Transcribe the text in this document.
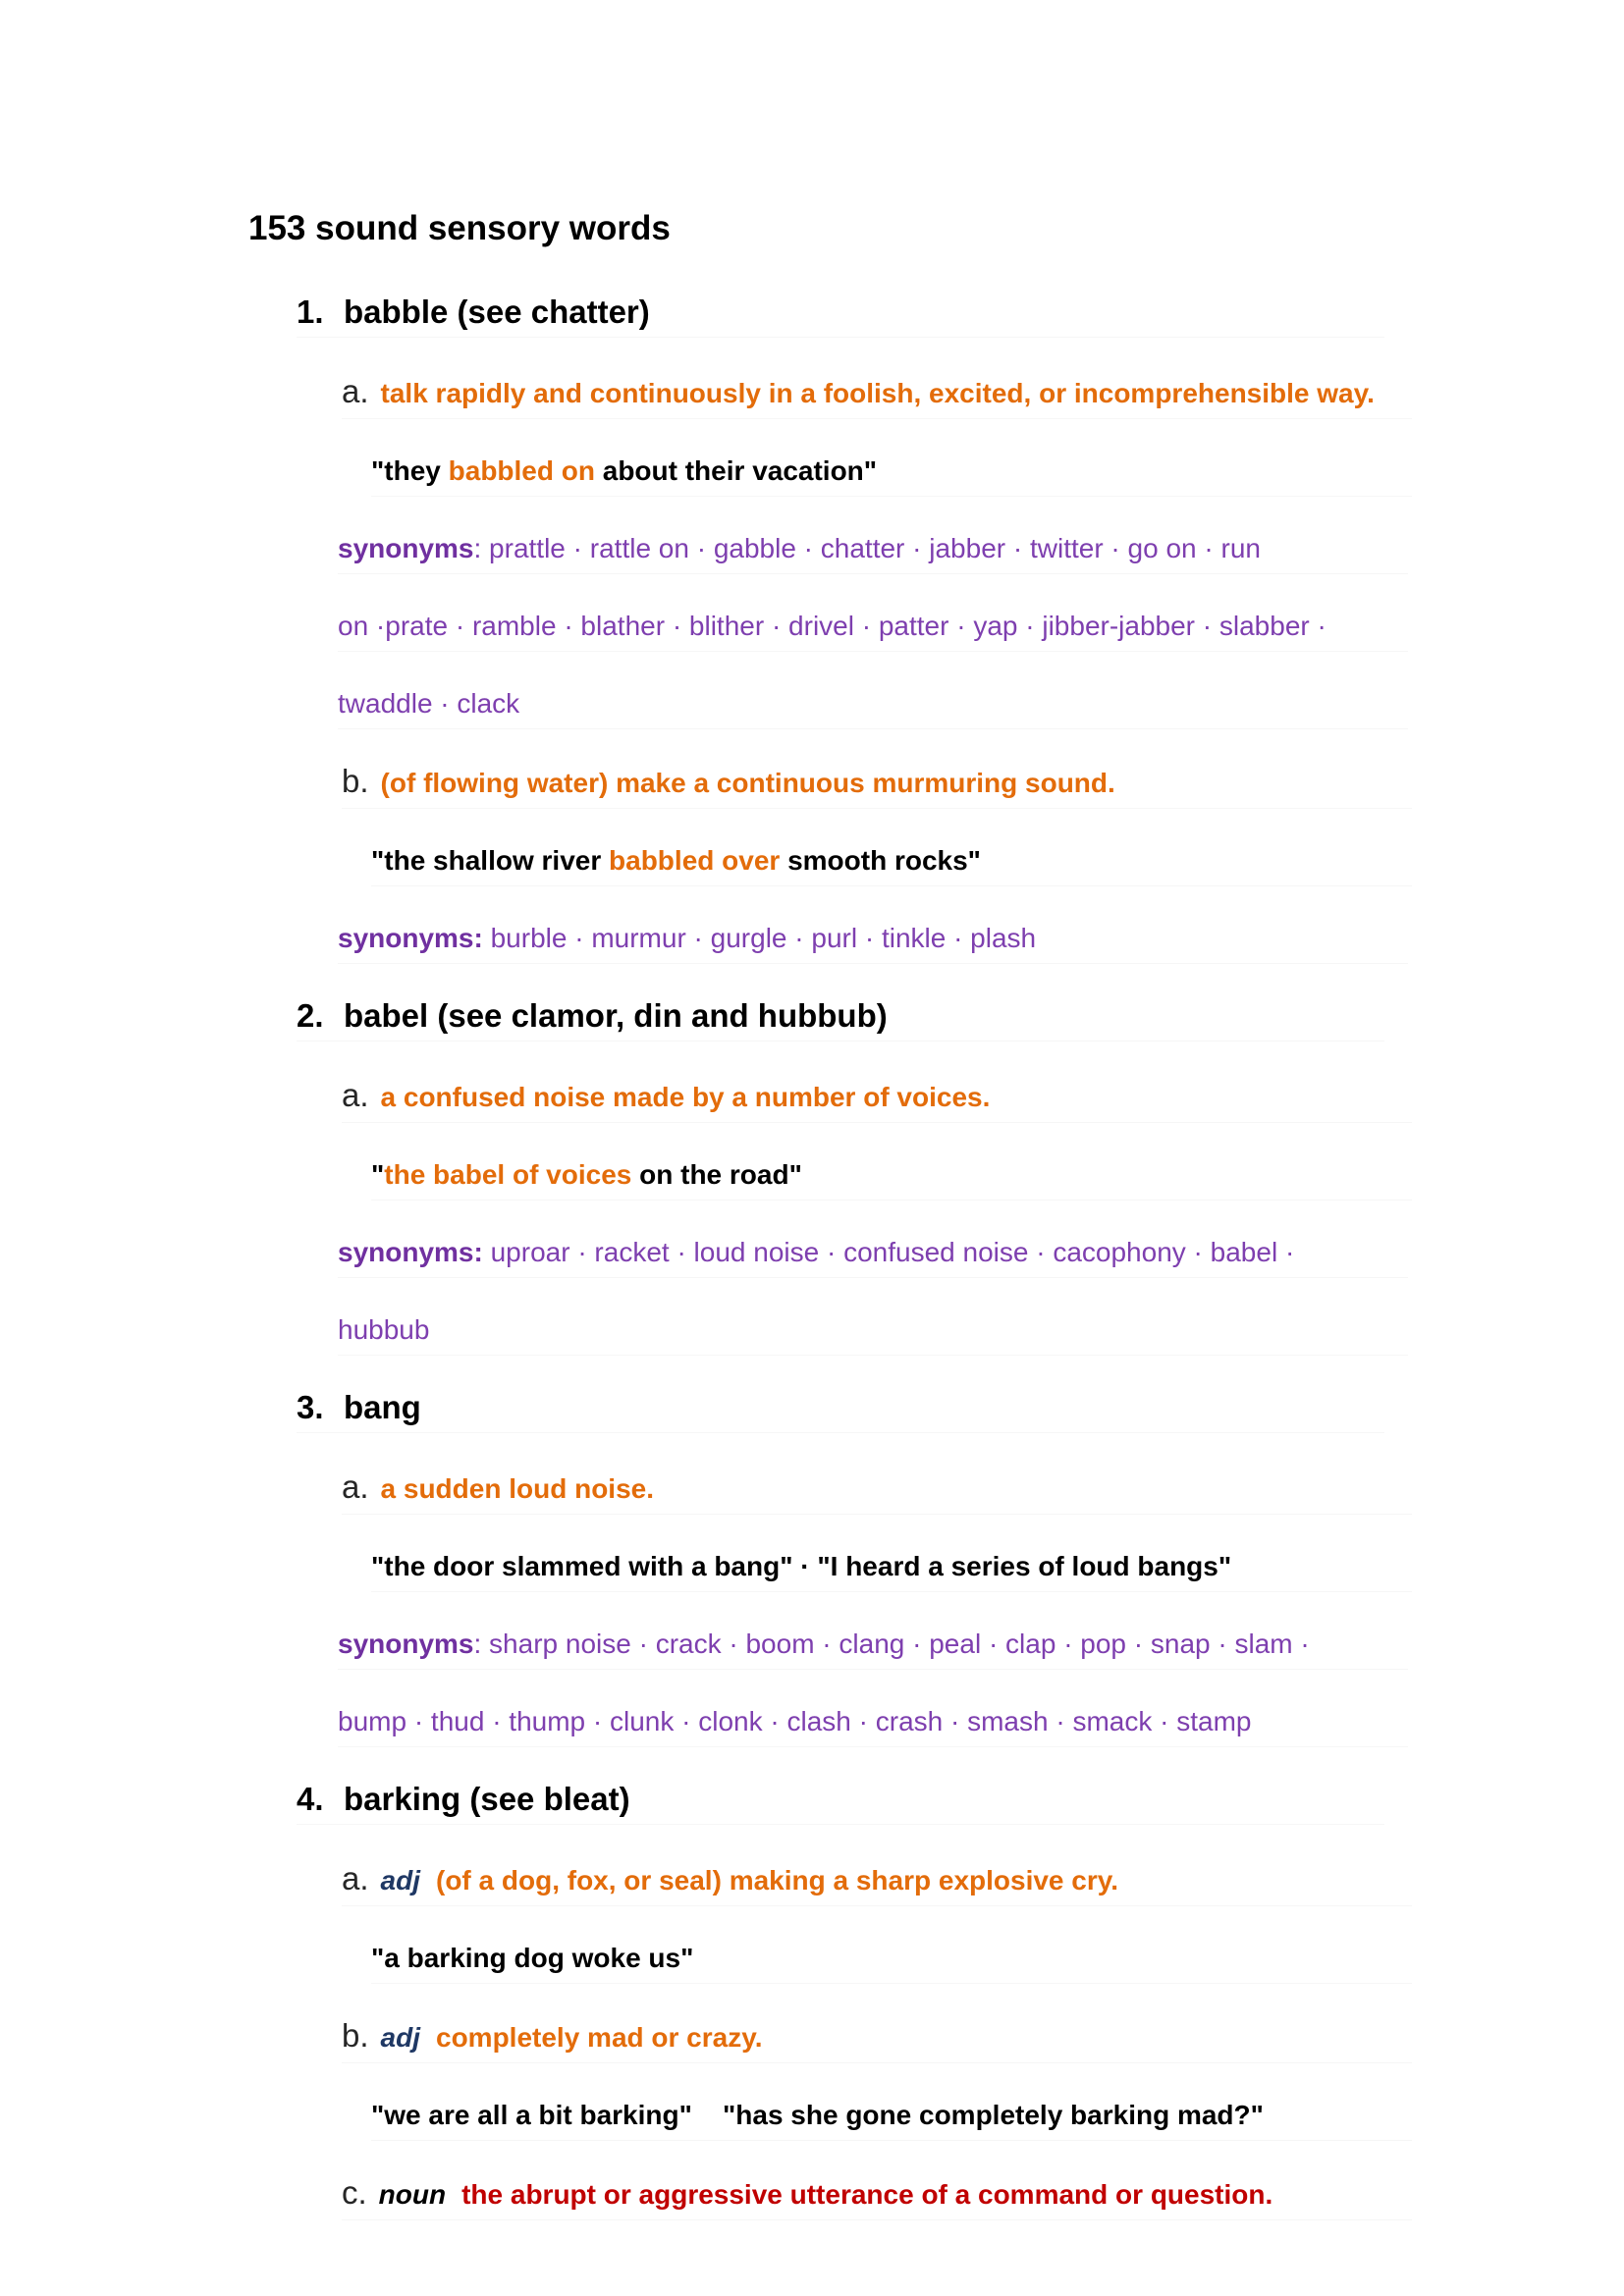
153 sound sensory words
1. babble (see chatter)
a. talk rapidly and continuously in a foolish, excited, or incomprehensible way.
"they babbled on about their vacation"
synonyms: prattle · rattle on · gabble · chatter · jabber · twitter · go on · run
on ·prate · ramble · blather · blither · drivel · patter · yap · jibber-jabber · slabber ·
twaddle · clack
b. (of flowing water) make a continuous murmuring sound.
"the shallow river babbled over smooth rocks"
synonyms: burble · murmur · gurgle · purl · tinkle · plash
2. babel (see clamor, din and hubbub)
a. a confused noise made by a number of voices.
"the babel of voices on the road"
synonyms: uproar · racket · loud noise · confused noise · cacophony · babel ·
hubbub
3. bang
a. a sudden loud noise.
"the door slammed with a bang" · "I heard a series of loud bangs"
synonyms: sharp noise · crack · boom · clang · peal · clap · pop · snap · slam ·
bump · thud · thump · clunk · clonk · clash · crash · smash · smack · stamp
4. barking (see bleat)
a. adj (of a dog, fox, or seal) making a sharp explosive cry.
"a barking dog woke us"
b. adj completely mad or crazy.
"we are all a bit barking"    "has she gone completely barking mad?"
c. noun the abrupt or aggressive utterance of a command or question.
